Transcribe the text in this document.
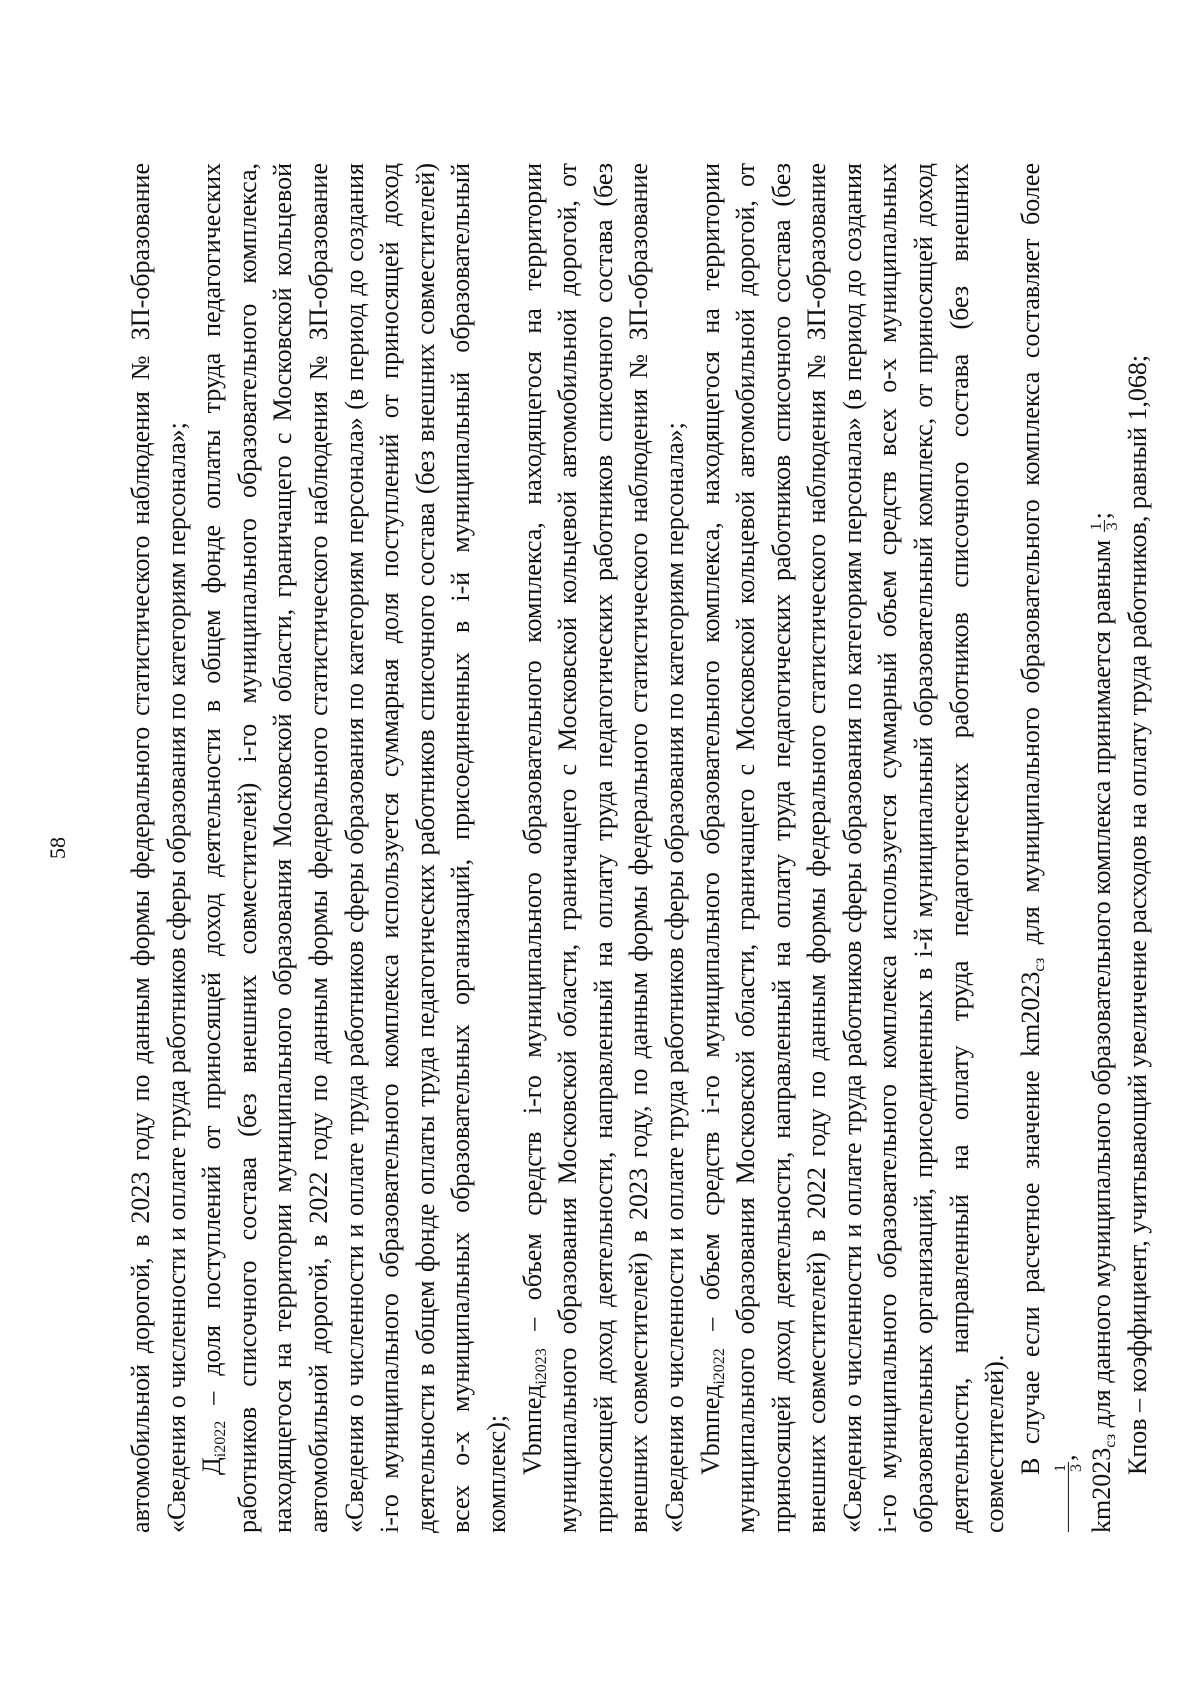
58 автомобильной дорогой, в 2023 году по данным формы федерального статистического наблюдения № ЗП-образование «Сведения о численности и оплате труда работников сферы образования по категориям персонала»; $Д_{i2022}$ – доля поступлений от приносящей доход деятельности в общем фонде оплаты труда педагогических работников списочного состава (без внешних совместителей) i-го муниципального образовательного комплекса, находящегося на территории муниципального образования Московской области, граничащего с Московской кольцевой автомобильной дорогой, в 2022 году по данным формы федерального статистического наблюдения № ЗП-образование «Сведения о численности и оплате труда работников сферы образования по категориям персонала» (в период до создания i-го муниципального образовательного комплекса используется суммарная доля поступлений от приносящей доход деятельности в общем фонде оплаты труда педагогических работников списочного состава (без внешних совместителей) всех о-х муниципальных образовательных организаций, присоединенных в i-й муниципальный образовательный комплекс); Vbmпед$_{i2023}$ – объем средств i-го муниципального образовательного комплекса, находящегося на территории муниципального образования Московской области, граничащего с Московской кольцевой автомобильной дорогой, от приносящей доход деятельности, направленный на оплату труда педагогических работников списочного состава (без внешних совместителей) в 2023 году, по данным формы федерального статистического наблюдения № ЗП-образование «Сведения о численности и оплате труда работников сферы образования по категориям персонала»; Vbmпед$_{i2022}$ – объем средств i-го муниципального образовательного комплекса, находящегося на территории муниципального образования Московской области, граничащего с Московской кольцевой автомобильной дорогой, от приносящей доход деятельности, направленный на оплату труда педагогических работников списочного состава (без внешних совместителей) в 2022 году по данным формы федерального статистического наблюдения № ЗП-образование «Сведения о численности и оплате труда работников сферы образования по категориям персонала» (в период до создания i-го муниципального образовательного комплекса используется суммарный объем средств всех о-х муниципальных образовательных организаций, присоединенных в i-й муниципальный образовательный комплекс, от приносящей доход деятельности, направленный на оплату труда педагогических работников списочного состава (без внешних совместителей). В случае если расчетное значение $km2023_{сз}$ для муниципального образовательного комплекса составляет более
1 3
, $km2023_{сз}$ для данного муниципального образовательного комплекса принимается равным
1 3
; Кпов – коэффициент, учитывающий увеличение расходов на оплату труда работников, равный 1,068;
